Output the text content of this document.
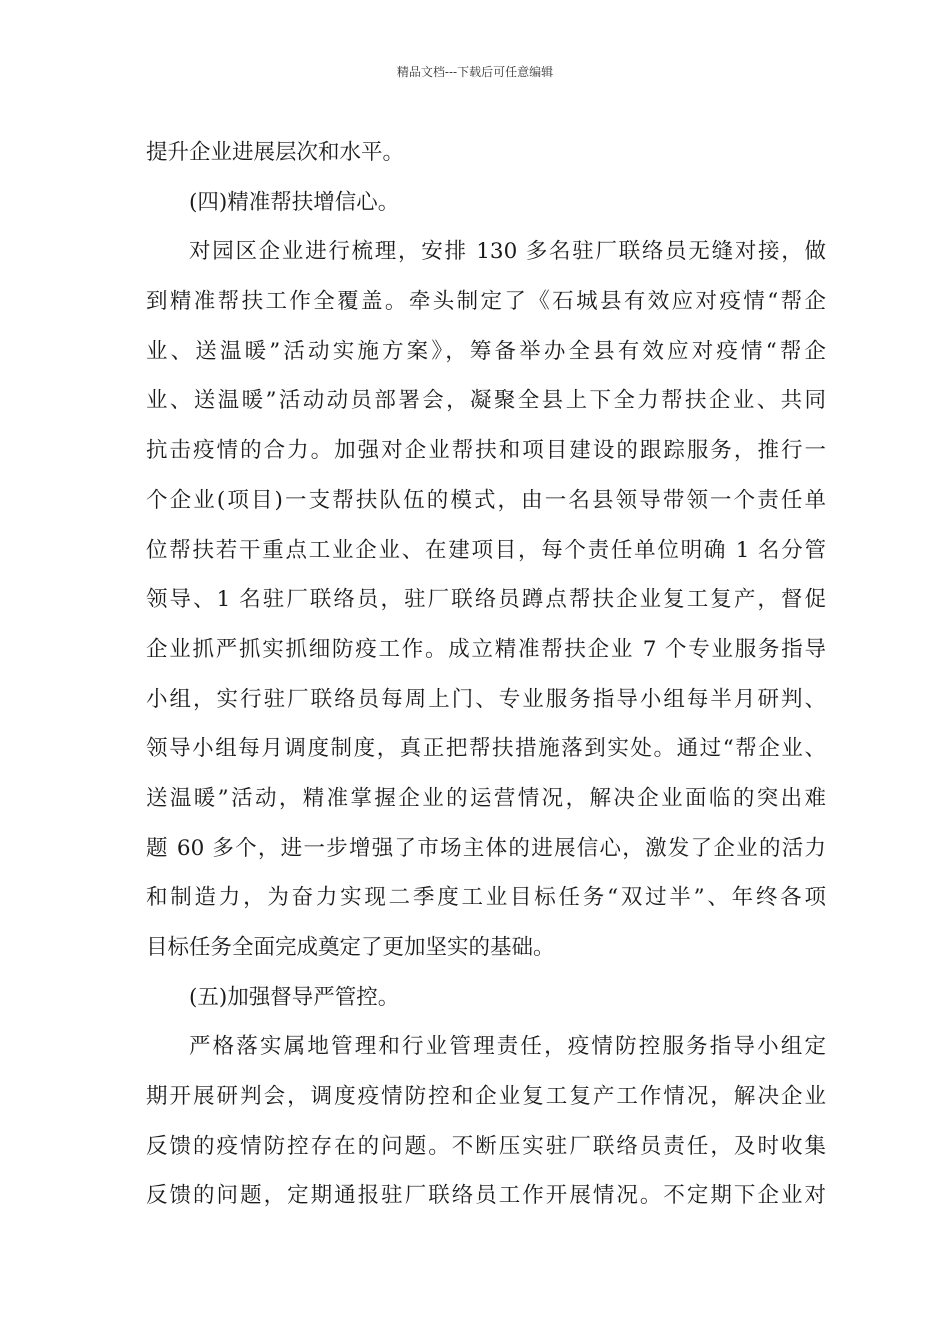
精品文档---下载后可任意编辑
提升企业进展层次和水平。
(四)精准帮扶增信心。
对园区企业进行梳理，安排 130 多名驻厂联络员无缝对接，做
到精准帮扶工作全覆盖。牵头制定了《石城县有效应对疫情“帮企
业、送温暖”活动实施方案》，筹备举办全县有效应对疫情“帮企
业、送温暖”活动动员部署会，凝聚全县上下全力帮扶企业、共同
抗击疫情的合力。加强对企业帮扶和项目建设的跟踪服务，推行一
个企业(项目)一支帮扶队伍的模式，由一名县领导带领一个责任单
位帮扶若干重点工业企业、在建项目，每个责任单位明确 1 名分管
领导、1 名驻厂联络员，驻厂联络员蹲点帮扶企业复工复产，督促
企业抓严抓实抓细防疫工作。成立精准帮扶企业 7 个专业服务指导
小组，实行驻厂联络员每周上门、专业服务指导小组每半月研判、
领导小组每月调度制度，真正把帮扶措施落到实处。通过“帮企业、
送温暖”活动，精准掌握企业的运营情况，解决企业面临的突出难
题 60 多个，进一步增强了市场主体的进展信心，激发了企业的活力
和制造力，为奋力实现二季度工业目标任务“双过半”、年终各项
目标任务全面完成奠定了更加坚实的基础。
(五)加强督导严管控。
严格落实属地管理和行业管理责任，疫情防控服务指导小组定
期开展研判会，调度疫情防控和企业复工复产工作情况，解决企业
反馈的疫情防控存在的问题。不断压实驻厂联络员责任，及时收集
反馈的问题，定期通报驻厂联络员工作开展情况。不定期下企业对
